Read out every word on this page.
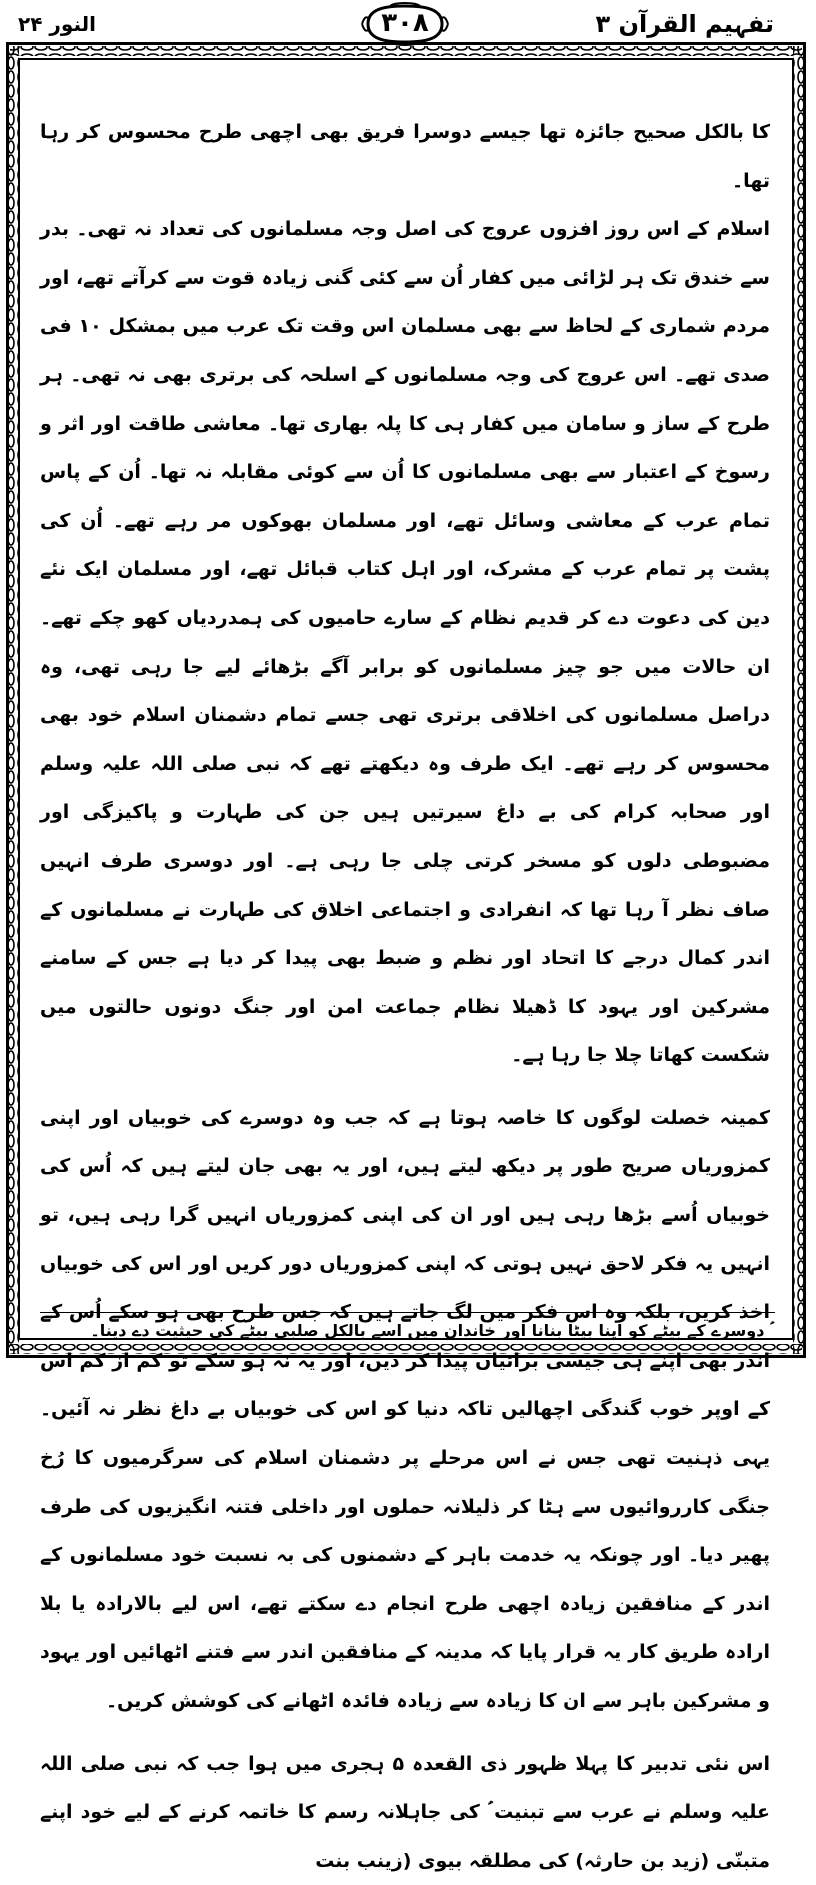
تفہیم القرآن ۳
۳۰۸
النور ۲۴

کا بالکل صحیح جائزہ تھا جیسے دوسرا فریق بھی اچھی طرح محسوس کر رہا تھا۔

اسلام کے اس روز افزوں عروج کی اصل وجہ مسلمانوں کی تعداد نہ تھی۔ بدر سے خندق تک ہر لڑائی میں کفار اُن سے کئی گنی زیادہ قوت سے کرآتے تھے، اور مردم شماری کے لحاظ سے بھی مسلمان اس وقت تک عرب میں بمشکل ۱۰ فی صدی تھے۔ اس عروج کی وجہ مسلمانوں کے اسلحہ کی برتری بھی نہ تھی۔ ہر طرح کے ساز و سامان میں کفار ہی کا پلہ بھاری تھا۔ معاشی طاقت اور اثر و رسوخ کے اعتبار سے بھی مسلمانوں کا اُن سے کوئی مقابلہ نہ تھا۔ اُن کے پاس تمام عرب کے معاشی وسائل تھے، اور مسلمان بھوکوں مر رہے تھے۔ اُن کی پشت پر تمام عرب کے مشرک، اور اہل کتاب قبائل تھے، اور مسلمان ایک نئے دین کی دعوت دے کر قدیم نظام کے سارے حامیوں کی ہمدردیاں کھو چکے تھے۔ ان حالات میں جو چیز مسلمانوں کو برابر آگے بڑھائے لیے جا رہی تھی، وہ دراصل مسلمانوں کی اخلاقی برتری تھی جسے تمام دشمنان اسلام خود بھی محسوس کر رہے تھے۔ ایک طرف وہ دیکھتے تھے کہ نبی صلی اللہ علیہ وسلم اور صحابہ کرام کی بے داغ سیرتیں ہیں جن کی طہارت و پاکیزگی اور مضبوطی دلوں کو مسخر کرتی چلی جا رہی ہے۔ اور دوسری طرف انہیں صاف نظر آ رہا تھا کہ انفرادی و اجتماعی اخلاق کی طہارت نے مسلمانوں کے اندر کمال درجے کا اتحاد اور نظم و ضبط بھی پیدا کر دیا ہے جس کے سامنے مشرکین اور یہود کا ڈھیلا نظام جماعت امن اور جنگ دونوں حالتوں میں شکست کھاتا چلا جا رہا ہے۔

کمینہ خصلت لوگوں کا خاصہ ہوتا ہے کہ جب وہ دوسرے کی خوبیاں اور اپنی کمزوریاں صریح طور پر دیکھ لیتے ہیں، اور یہ بھی جان لیتے ہیں کہ اُس کی خوبیاں اُسے بڑھا رہی ہیں اور ان کی اپنی کمزوریاں انہیں گرا رہی ہیں، تو انہیں یہ فکر لاحق نہیں ہوتی کہ اپنی کمزوریاں دور کریں اور اس کی خوبیاں اخذ کریں، بلکہ وہ اس فکر میں لگ جاتے ہیں کہ جس طرح بھی ہو سکے اُس کے اندر بھی اپنے ہی جیسی برائیاں پیدا کر دیں، اور یہ نہ ہو سکے تو کم از کم اس کے اوپر خوب گندگی اچھالیں تاکہ دنیا کو اس کی خوبیاں بے داغ نظر نہ آئیں۔ یہی ذہنیت تھی جس نے اس مرحلے پر دشمنان اسلام کی سرگرمیوں کا رُخ جنگی کارروائیوں سے ہٹا کر ذلیلانہ حملوں اور داخلی فتنہ انگیزیوں کی طرف پھیر دیا۔ اور چونکہ یہ خدمت باہر کے دشمنوں کی بہ نسبت خود مسلمانوں کے اندر کے منافقین زیادہ اچھی طرح انجام دے سکتے تھے، اس لیے بالارادہ یا بلا ارادہ طریق کار یہ قرار پایا کہ مدینہ کے منافقین اندر سے فتنے اٹھائیں اور یہود و مشرکین باہر سے ان کا زیادہ سے زیادہ فائدہ اٹھانے کی کوشش کریں۔

اس نئی تدبیر کا پہلا ظہور ذی القعدہ ۵ ہجری میں ہوا جب کہ نبی صلی اللہ علیہ وسلم نے عرب سے تبنیت ؑ کی جاہلانہ رسم کا خاتمہ کرنے کے لیے خود اپنے متبنّی (زید بن حارثہ) کی مطلقہ بیوی (زینب بنت

ؑ دوسرے کے بیٹے کو اپنا بیٹا بنانا اور خاندان میں اسے بالکل صلبی بیٹے کی حیثیت دے دینا۔
